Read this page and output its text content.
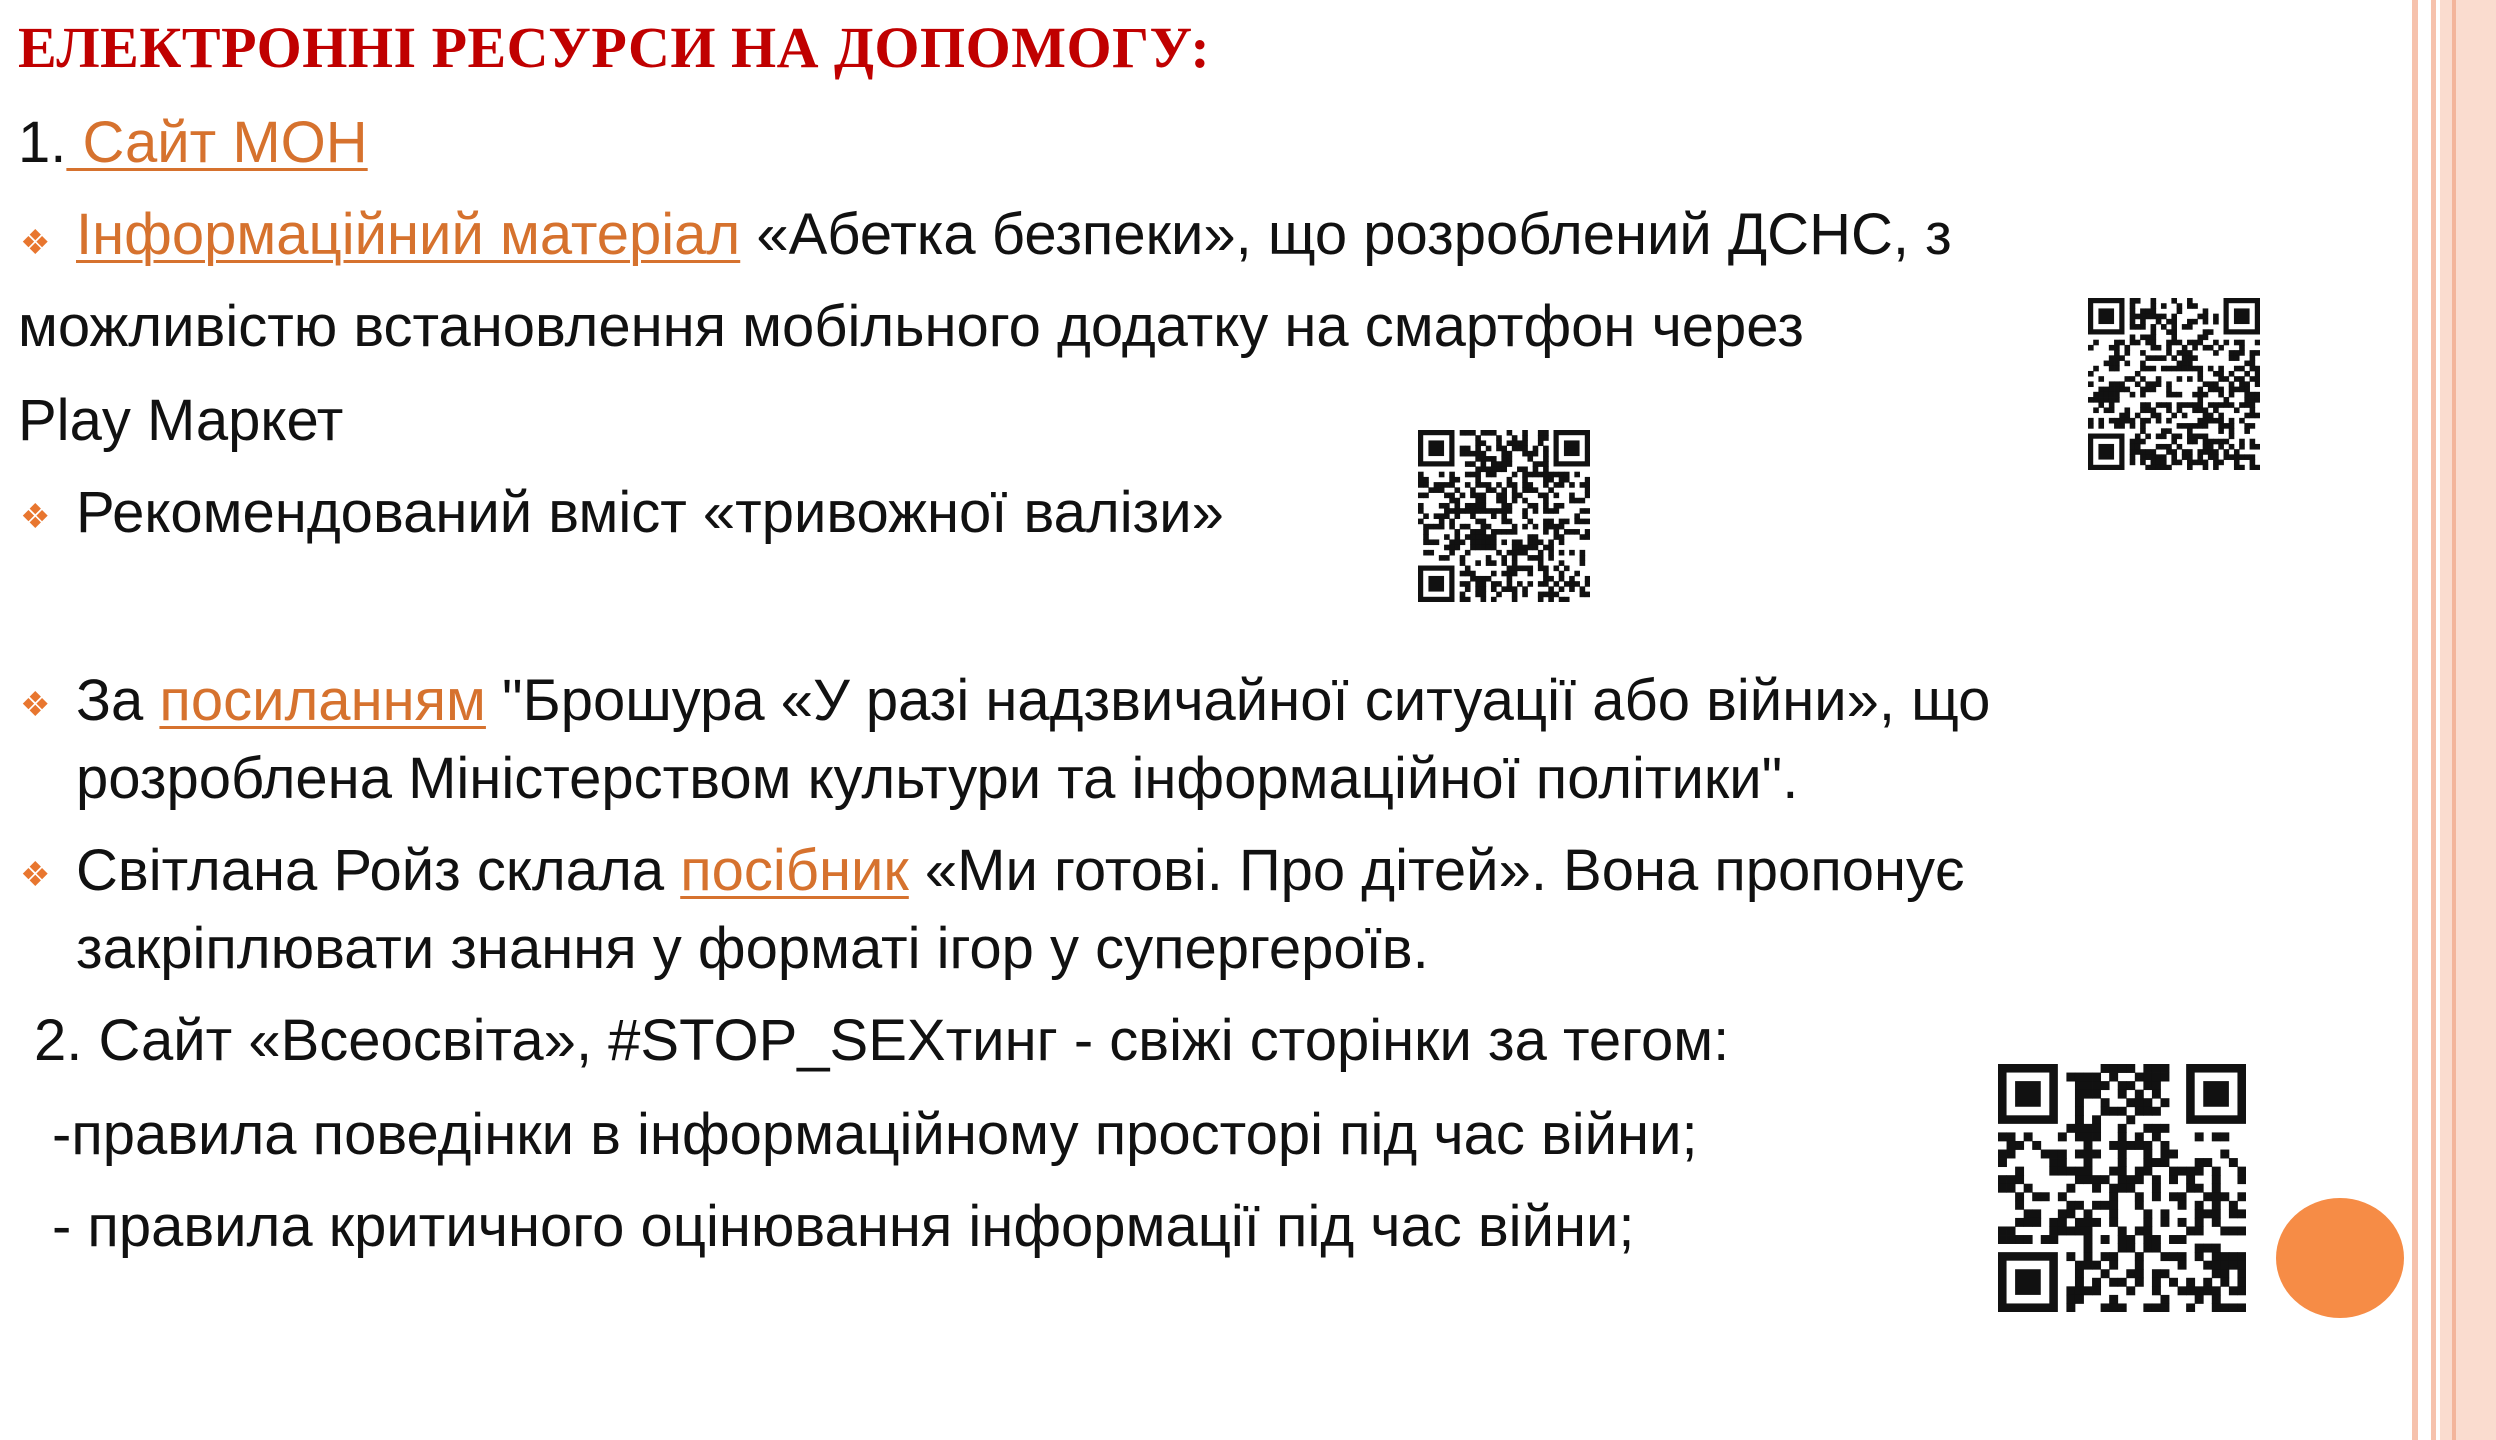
ЕЛЕКТРОННІ РЕСУРСИ НА ДОПОМОГУ:
1. Сайт МОН
❖ Інформаційний матеріал «Абетка безпеки», що розроблений ДСНС, з
можливістю встановлення мобільного додатку на смартфон через
Play Маркет
❖ Рекомендований вміст «тривожної валізи»
❖ За посиланням "Брошура «У разі надзвичайної ситуації або війни», що
розроблена Міністерством культури та інформаційної політики".
❖ Світлана Ройз склала посібник «Ми готові. Про дітей». Вона пропонує
закріплювати знання у форматі ігор у супергероїв.
2. Сайт «Всеосвіта», #STOP_SEXтинг - свіжі сторінки за тегом:
-правила поведінки в інформаційному просторі під час війни;
- правила критичного оцінювання інформації під час війни;
